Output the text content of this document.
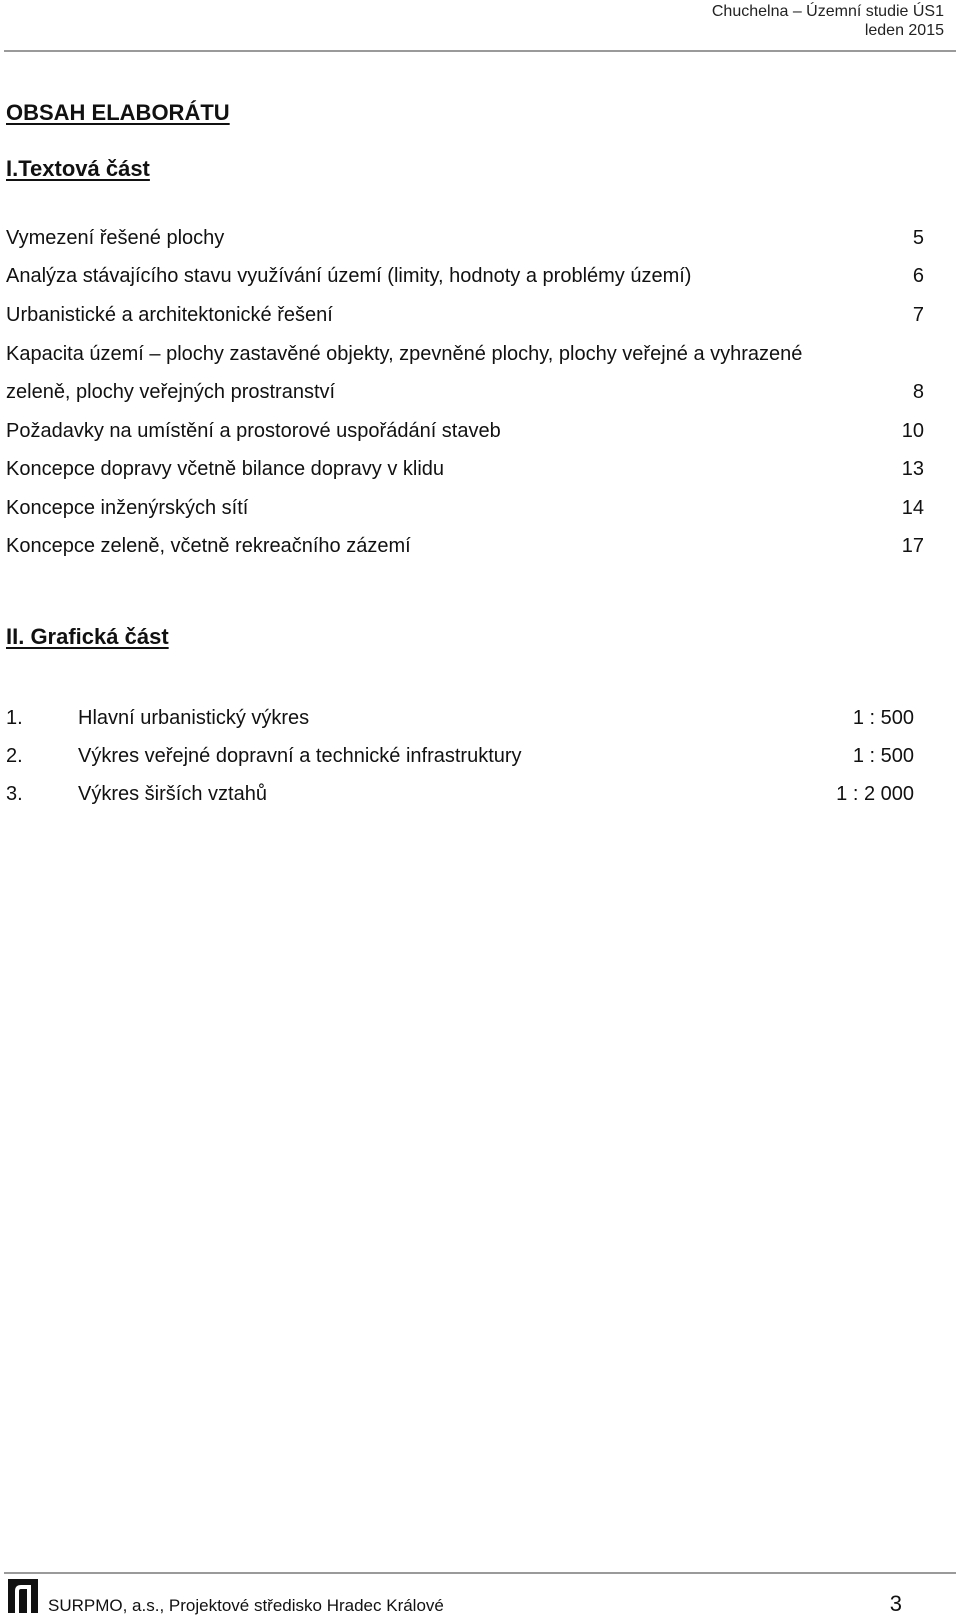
Chuchelna – Územní studie ÚS1
leden 2015
OBSAH ELABORÁTU
I.Textová část
Vymezení řešené plochy	5
Analýza stávajícího stavu využívání území (limity, hodnoty a problémy území)	6
Urbanistické a architektonické řešení	7
Kapacita území – plochy zastavěné objekty, zpevněné plochy, plochy veřejné a vyhrazené
zeleně, plochy veřejných prostranství	8
Požadavky na umístění a prostorové uspořádání staveb	10
Koncepce dopravy včetně bilance dopravy v klidu	13
Koncepce inženýrských sítí	14
Koncepce zeleně, včetně rekreačního zázemí	17
II. Grafická část
1.	Hlavní urbanistický výkres	1 : 500
2.	Výkres veřejné dopravní a technické infrastruktury	1 : 500
3.	Výkres širších vztahů	1 : 2 000
SURPMO, a.s., Projektové středisko Hradec Králové	3
